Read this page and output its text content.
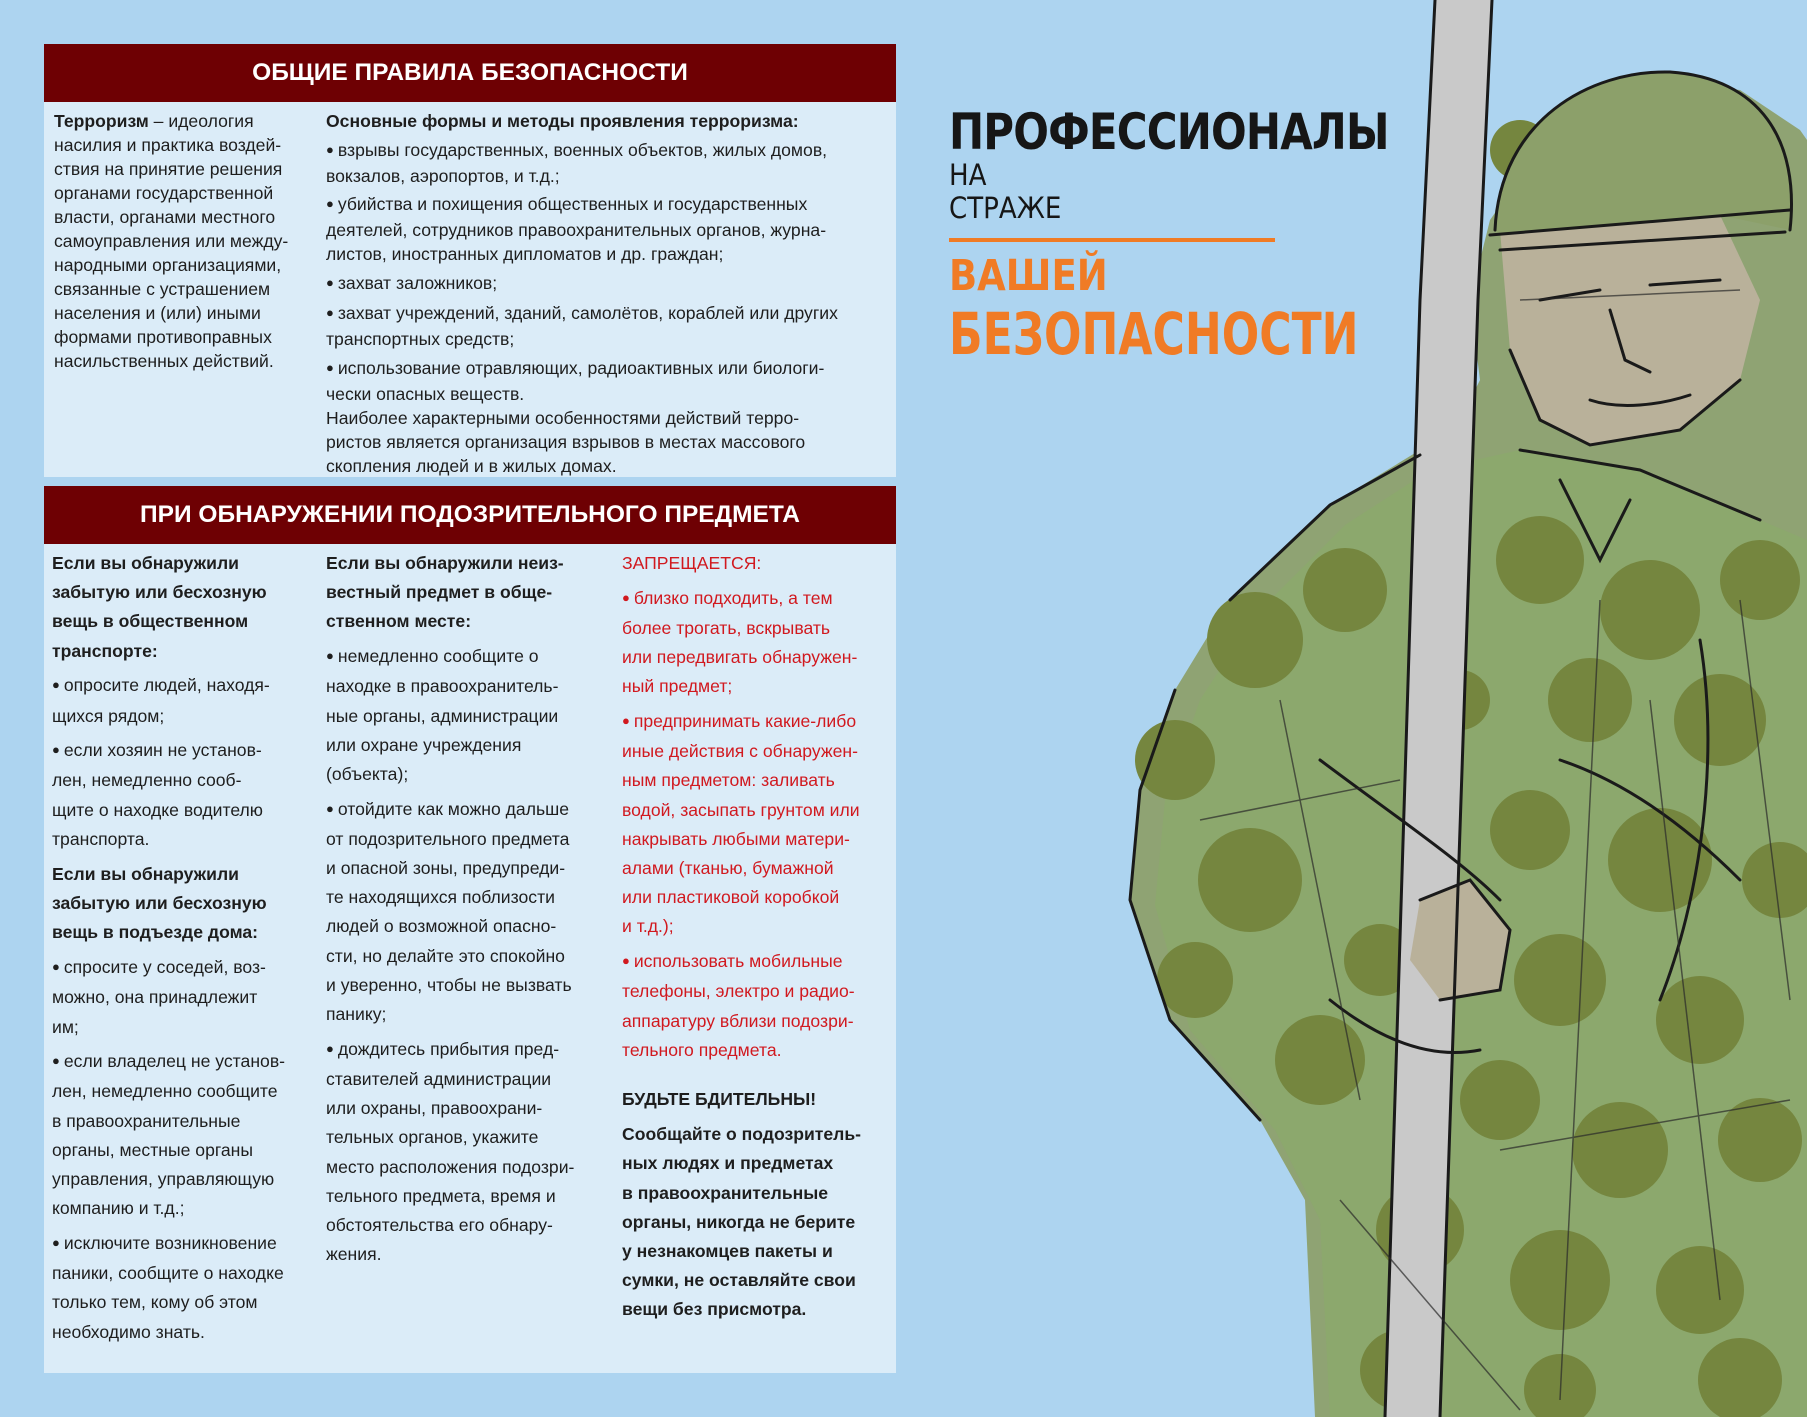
ПРОФЕССИОНАЛЫ
НА
СТРАЖЕ
ВАШЕЙ
БЕЗОПАСНОСТИ
ОБЩИЕ ПРАВИЛА БЕЗОПАСНОСТИ
Терроризм – идеология
насилия и практика воздей-
ствия на принятие решения
органами государственной
власти, органами местного
самоуправления или между-
народными организациями,
связанные с устрашением
населения и (или) иными
формами противоправных
насильственных действий.
Основные формы и методы проявления терроризма:
● взрывы государственных, военных объектов, жилых домов,
вокзалов, аэропортов, и т.д.;
● убийства и похищения общественных и государственных
деятелей, сотрудников правоохранительных органов, журна-
листов, иностранных дипломатов и др. граждан;
● захват заложников;
● захват учреждений, зданий, самолётов, кораблей или других
транспортных средств;
● использование отравляющих, радиоактивных или биологи-
чески опасных веществ.
Наиболее характерными особенностями действий терро-
ристов является организация взрывов в местах массового
скопления людей и в жилых домах.
ПРИ ОБНАРУЖЕНИИ ПОДОЗРИТЕЛЬНОГО ПРЕДМЕТА
Если вы обнаружили
забытую или бесхозную
вещь в общественном
транспорте:
● опросите людей, находя-
щихся рядом;
● если хозяин не установ-
лен, немедленно сооб-
щите о находке водителю
транспорта.
Если вы обнаружили
забытую или бесхозную
вещь в подъезде дома:
● спросите у соседей, воз-
можно, она принадлежит
им;
● если владелец не установ-
лен, немедленно сообщите
в правоохранительные
органы, местные органы
управления, управляющую
компанию и т.д.;
● исключите возникновение
паники, сообщите о находке
только тем, кому об этом
необходимо знать.
Если вы обнаружили неиз-
вестный предмет в обще-
ственном месте:
● немедленно сообщите о
находке в правоохранитель-
ные органы, администрации
или охране учреждения
(объекта);
● отойдите как можно дальше
от подозрительного предмета
и опасной зоны, предупреди-
те находящихся поблизости
людей о возможной опасно-
сти, но делайте это спокойно
и уверенно, чтобы не вызвать
панику;
● дождитесь прибытия пред-
ставителей администрации
или охраны, правоохрани-
тельных органов, укажите
место расположения подозри-
тельного предмета, время и
обстоятельства его обнару-
жения.
ЗАПРЕЩАЕТСЯ:
● близко подходить, а тем
более трогать, вскрывать
или передвигать обнаружен-
ный предмет;
● предпринимать какие-либо
иные действия с обнаружен-
ным предметом: заливать
водой, засыпать грунтом или
накрывать любыми матери-
алами (тканью, бумажной
или пластиковой коробкой
и т.д.);
● использовать мобильные
телефоны, электро и радио-
аппаратуру вблизи подозри-
тельного предмета.
БУДЬТЕ БДИТЕЛЬНЫ!
Сообщайте о подозритель-
ных людях и предметах
в правоохранительные
органы, никогда не берите
у незнакомцев пакеты и
сумки, не оставляйте свои
вещи без присмотра.
